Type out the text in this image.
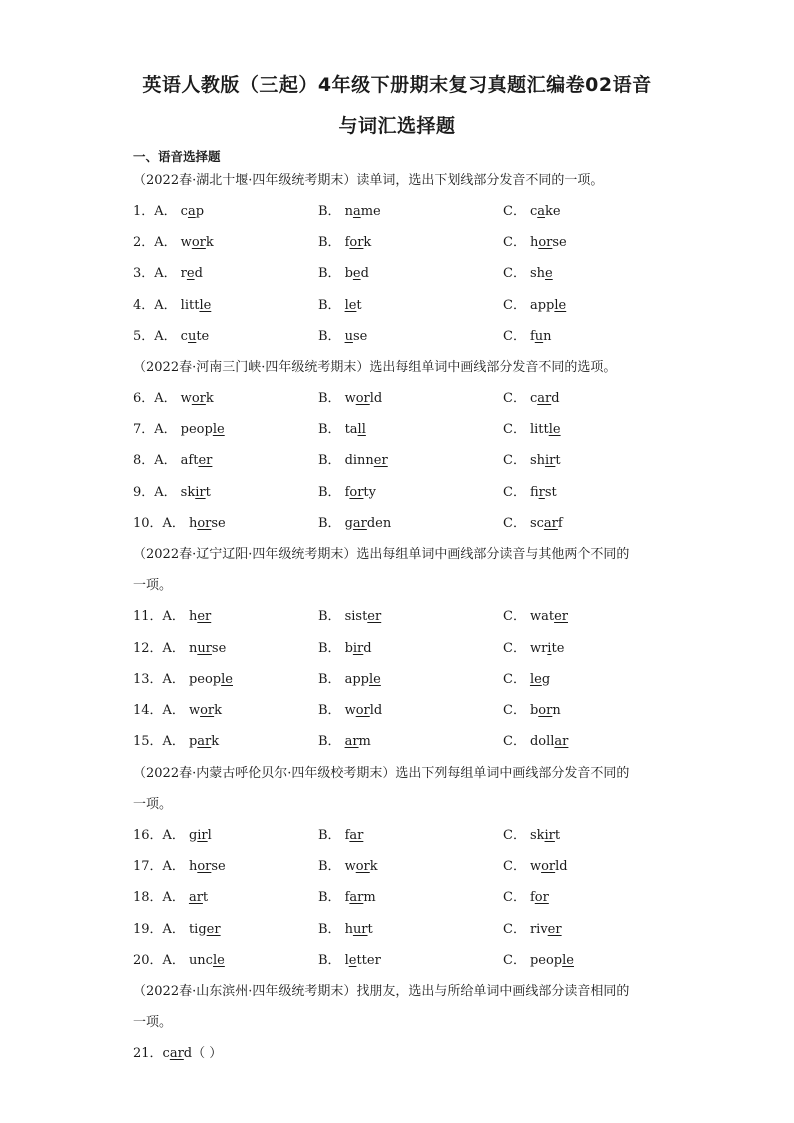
英语人教版（三起）4年级下册期末复习真题汇编卷02语音
与词汇选择题
一、语音选择题
（2022春·湖北十堰·四年级统考期末）读单词，选出下划线部分发音不同的一项。
1．A． cap	B． name	C． cake
2．A． work	B． fork	C． horse
3．A． red	B． bed	C． she
4．A． little	B． let	C． apple
5．A． cute	B． use	C． fun
（2022春·河南三门峡·四年级统考期末）选出每组单词中画线部分发音不同的选项。
6．A． work	B． world	C． card
7．A． people	B． tall	C． little
8．A． after	B． dinner	C． shirt
9．A． skirt	B． forty	C． first
10．A． horse	B． garden	C． scarf
（2022春·辽宁辽阳·四年级统考期末）选出每组单词中画线部分读音与其他两个不同的
一项。
11．A． her	B． sister	C． water
12．A． nurse	B． bird	C． write
13．A． people	B． apple	C． leg
14．A． work	B． world	C． born
15．A． park	B． arm	C． dollar
（2022春·内蒙古呼伦贝尔·四年级校考期末）选出下列每组单词中画线部分发音不同的
一项。
16．A． girl	B． far	C． skirt
17．A． horse	B． work	C． world
18．A． art	B． farm	C． for
19．A． tiger	B． hurt	C． river
20．A． uncle	B． letter	C． people
（2022春·山东滨州·四年级统考期末）找朋友，选出与所给单词中画线部分读音相同的
一项。
21．card（ ）
